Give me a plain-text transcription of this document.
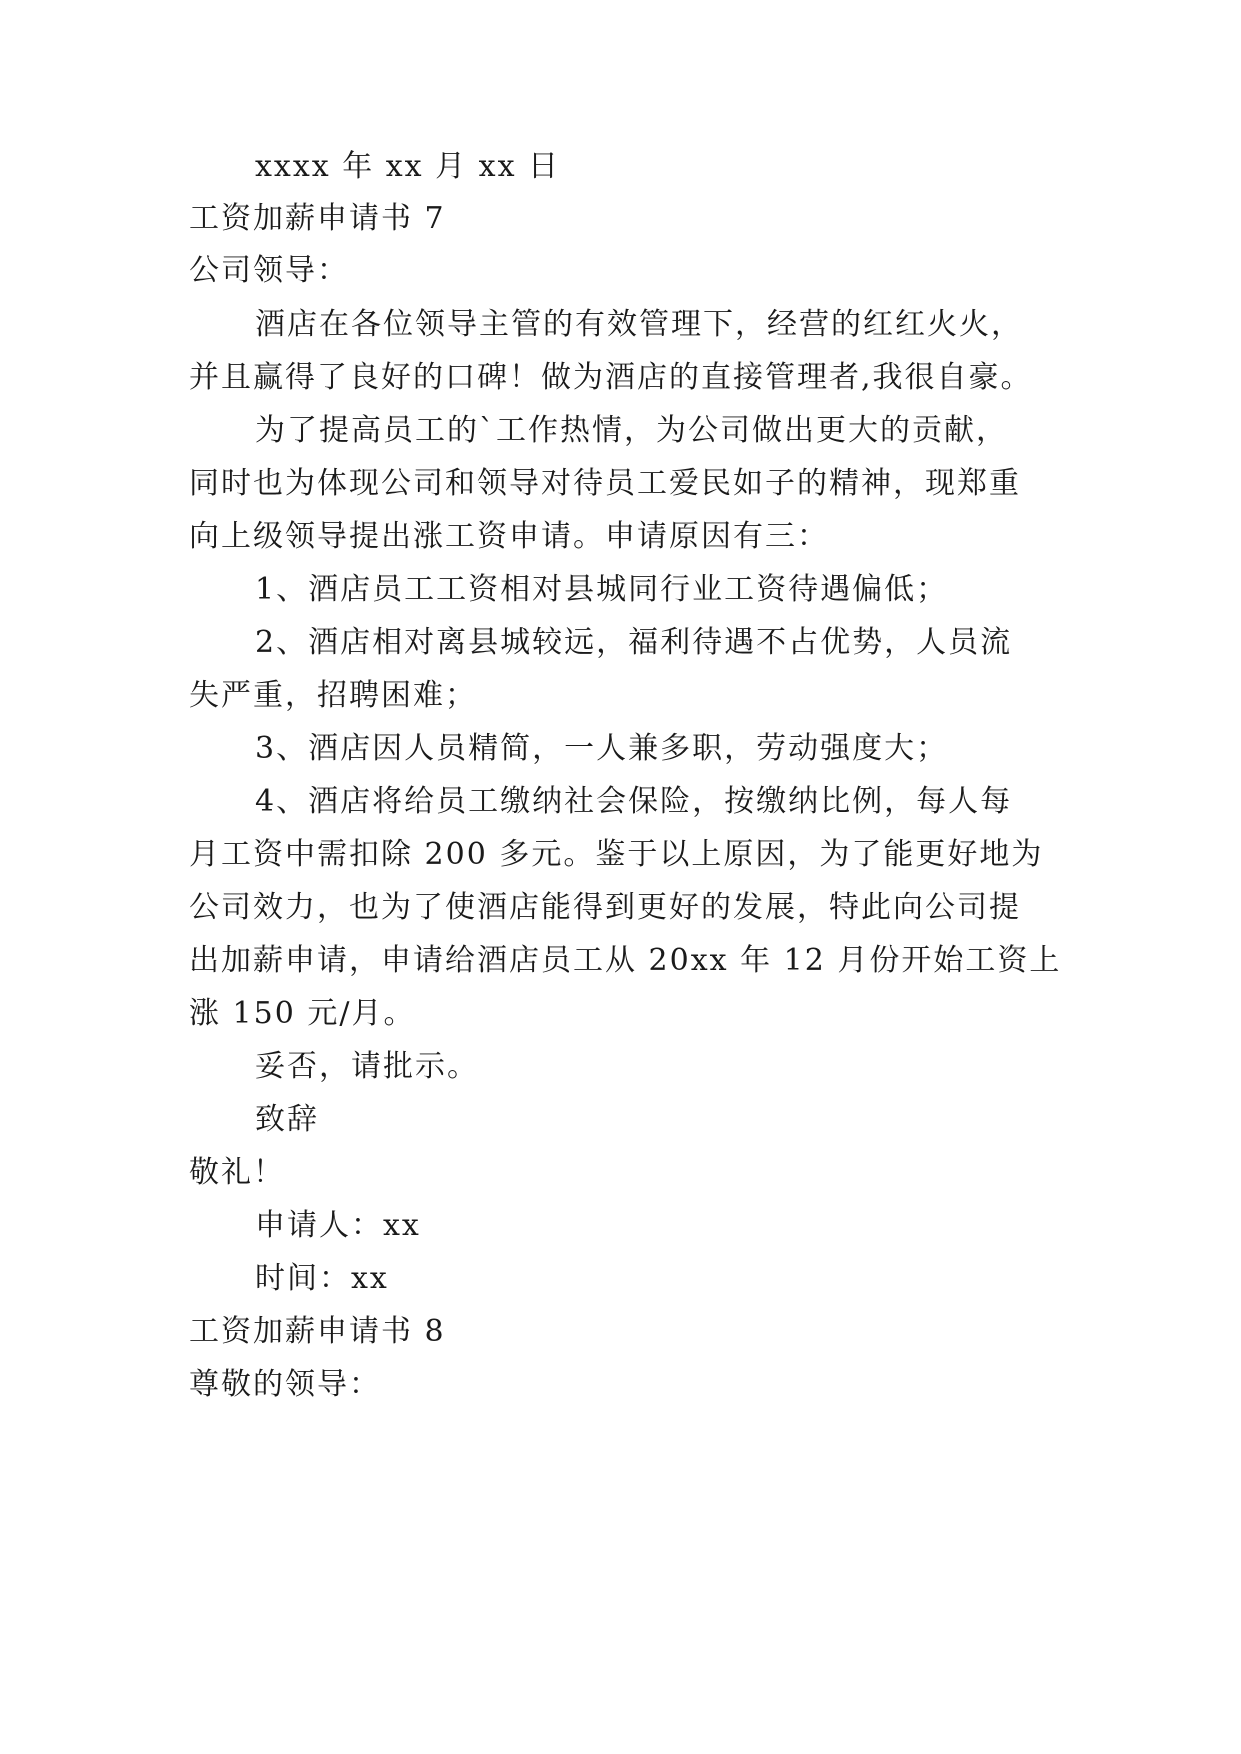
xxxx 年 xx 月 xx 日

工资加薪申请书 7

公司领导：

酒店在各位领导主管的有效管理下，经营的红红火火，

并且赢得了良好的口碑！做为酒店的直接管理者,我很自豪。

为了提高员工的`工作热情，为公司做出更大的贡献，

同时也为体现公司和领导对待员工爱民如子的精神，现郑重

向上级领导提出涨工资申请。申请原因有三：

1、酒店员工工资相对县城同行业工资待遇偏低；

2、酒店相对离县城较远，福利待遇不占优势，人员流

失严重，招聘困难；

3、酒店因人员精简，一人兼多职，劳动强度大；

4、酒店将给员工缴纳社会保险，按缴纳比例，每人每

月工资中需扣除 200 多元。鉴于以上原因，为了能更好地为

公司效力，也为了使酒店能得到更好的发展，特此向公司提

出加薪申请，申请给酒店员工从 20xx 年 12 月份开始工资上

涨 150 元/月。

妥否，请批示。

致辞

敬礼！

申请人：xx

时间：xx

工资加薪申请书 8

尊敬的领导：
